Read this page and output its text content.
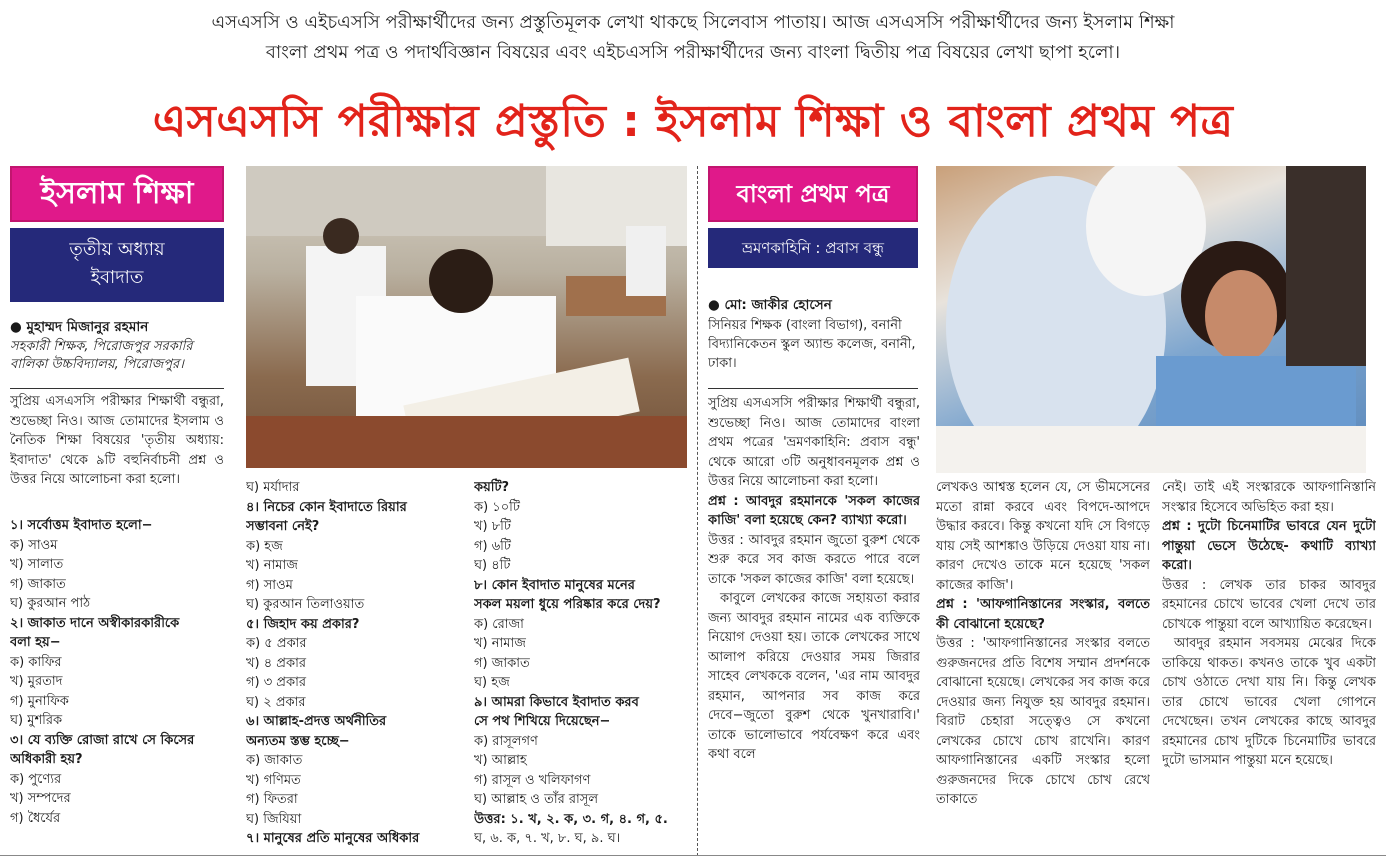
এসএসসি ও এইচএসসি পরীক্ষার্থীদের জন্য প্রস্তুতিমূলক লেখা থাকছে সিলেবাস পাতায়। আজ এসএসসি পরীক্ষার্থীদের জন্য ইসলাম শিক্ষা
বাংলা প্রথম পত্র ও পদার্থবিজ্ঞান বিষয়ের এবং এইচএসসি পরীক্ষার্থীদের জন্য বাংলা দ্বিতীয় পত্র বিষয়ের লেখা ছাপা হলো।
এসএসসি পরীক্ষার প্রস্তুতি : ইসলাম শিক্ষা ও বাংলা প্রথম পত্র
ইসলাম শিক্ষা
তৃতীয় অধ্যায়
ইবাদাত
● মুহাম্মদ মিজানুর রহমান
সহকারী শিক্ষক, পিরোজপুর সরকারি বালিকা উচ্চবিদ্যালয়, পিরোজপুর।
সুপ্রিয় এসএসসি পরীক্ষার শিক্ষার্থী বন্ধুরা, শুভেচ্ছা নিও। আজ তোমাদের ইসলাম ও নৈতিক শিক্ষা বিষয়ের 'তৃতীয় অধ্যায়: ইবাদাত' থেকে ৯টি বহুনির্বাচনী প্রশ্ন ও উত্তর নিয়ে আলোচনা করা হলো।
১। সর্বোত্তম ইবাদাত হলো−
ক) সাওম
খ) সালাত
গ) জাকাত
ঘ) কুরআন পাঠ
২। জাকাত দানে অস্বীকারকারীকে
বলা হয়−
ক) কাফির
খ) মুরতাদ
গ) মুনাফিক
ঘ) মুশরিক
৩। যে ব্যক্তি রোজা রাখে সে কিসের
অধিকারী হয়?
ক) পুণ্যের
খ) সম্পদের
গ) ধৈর্যের
ঘ) মর্যাদার
৪। নিচের কোন ইবাদাতে রিয়ার
সম্ভাবনা নেই?
ক) হজ
খ) নামাজ
গ) সাওম
ঘ) কুরআন তিলাওয়াত
৫। জিহাদ কয় প্রকার?
ক) ৫ প্রকার
খ) ৪ প্রকার
গ) ৩ প্রকার
ঘ) ২ প্রকার
৬। আল্লাহ-প্রদত্ত অর্থনীতির
অন্যতম স্তম্ভ হচ্ছে−
ক) জাকাত
খ) গণিমত
গ) ফিতরা
ঘ) জিযিয়া
৭। মানুষের প্রতি মানুষের অধিকার
কয়টি?
ক) ১০টি
খ) ৮টি
গ) ৬টি
ঘ) ৪টি
৮। কোন ইবাদাত মানুষের মনের
সকল ময়লা ধুয়ে পরিষ্কার করে দেয়?
ক) রোজা
খ) নামাজ
গ) জাকাত
ঘ) হজ
৯। আমরা কিভাবে ইবাদাত করব
সে পথ শিখিয়ে দিয়েছেন−
ক) রাসূলগণ
খ) আল্লাহ
গ) রাসূল ও খলিফাগণ
ঘ) আল্লাহ ও তাঁর রাসূল
উত্তর: ১. খ, ২. ক, ৩. গ, ৪. গ, ৫.
ঘ, ৬. ক, ৭. খ, ৮. ঘ, ৯. ঘ।
বাংলা প্রথম পত্র
ভ্রমণকাহিনি : প্রবাস বন্ধু
● মো: জাকীর হোসেন
সিনিয়র শিক্ষক (বাংলা বিভাগ), বনানী বিদ্যানিকেতন স্কুল অ্যান্ড কলেজ, বনানী, ঢাকা।

সুপ্রিয় এসএসসি পরীক্ষার শিক্ষার্থী বন্ধুরা, শুভেচ্ছা নিও। আজ তোমাদের বাংলা প্রথম পত্রের 'ভ্রমণকাহিনি: প্রবাস বন্ধু' থেকে আরো ৩টি অনুধাবনমূলক প্রশ্ন ও উত্তর নিয়ে আলোচনা করা হলো।

প্রশ্ন : আবদুর রহমানকে 'সকল কাজের কাজি' বলা হয়েছে কেন? ব্যাখ্যা করো।

উত্তর : আবদুর রহমান জুতো বুরুশ থেকে শুরু করে সব কাজ করতে পারে বলে তাকে 'সকল কাজের কাজি' বলা হয়েছে।

কাবুলে লেখকের কাজে সহায়তা করার জন্য আবদুর রহমান নামের এক ব্যক্তিকে নিয়োগ দেওয়া হয়। তাকে লেখকের সাথে আলাপ করিয়ে দেওয়ার সময় জিরার সাহেব লেখককে বলেন, 'এর নাম আবদুর রহমান, আপনার সব কাজ করে দেবে−জুতো বুরুশ থেকে খুনখারাবি।' তাকে ভালোভাবে পর্যবেক্ষণ করে এবং কথা বলে

লেখকও আশ্বস্ত হলেন যে, সে ভীমসেনের মতো রান্না করবে এবং বিপদে-আপদে উদ্ধার করবে। কিন্তু কখনো যদি সে বিগড়ে যায় সেই আশঙ্কাও উড়িয়ে দেওয়া যায় না। কারণ দেখেও তাকে মনে হয়েছে 'সকল কাজের কাজি'।

প্রশ্ন : 'আফগানিস্তানের সংস্কার, বলতে কী বোঝানো হয়েছে?

উত্তর : 'আফগানিস্তানের সংস্কার বলতে গুরুজনদের প্রতি বিশেষ সম্মান প্রদর্শনকে বোঝানো হয়েছে। লেখকের সব কাজ করে দেওয়ার জন্য নিযুক্ত হয় আবদুর রহমান। বিরাট চেহারা সত্ত্বেও সে কখনো লেখকের চোখে চোখ রাখেনি। কারণ আফগানিস্তানের একটি সংস্কার হলো গুরুজনদের দিকে চোখে চোখ রেখে তাকাতে

নেই। তাই এই সংস্কারকে আফগানিস্তানি সংস্কার হিসেবে অভিহিত করা হয়।

প্রশ্ন : দুটো চিনেমাটির ভাবরে যেন দুটো পান্তুয়া ভেসে উঠেছে- কথাটি ব্যাখ্যা করো।

উত্তর : লেখক তার চাকর আবদুর রহমানের চোখে ভাবের খেলা দেখে তার চোখকে পান্তুয়া বলে আখ্যায়িত করেছেন।

আবদুর রহমান সবসময় মেঝের দিকে তাকিয়ে থাকত। কখনও তাকে খুব একটা চোখ ওঠাতে দেখা যায় নি। কিন্তু লেখক তার চোখে ভাবের খেলা গোপনে দেখেছেন। তখন লেখকের কাছে আবদুর রহমানের চোখ দুটিকে চিনেমাটির ভাবরে দুটো ভাসমান পান্তুয়া মনে হয়েছে।
